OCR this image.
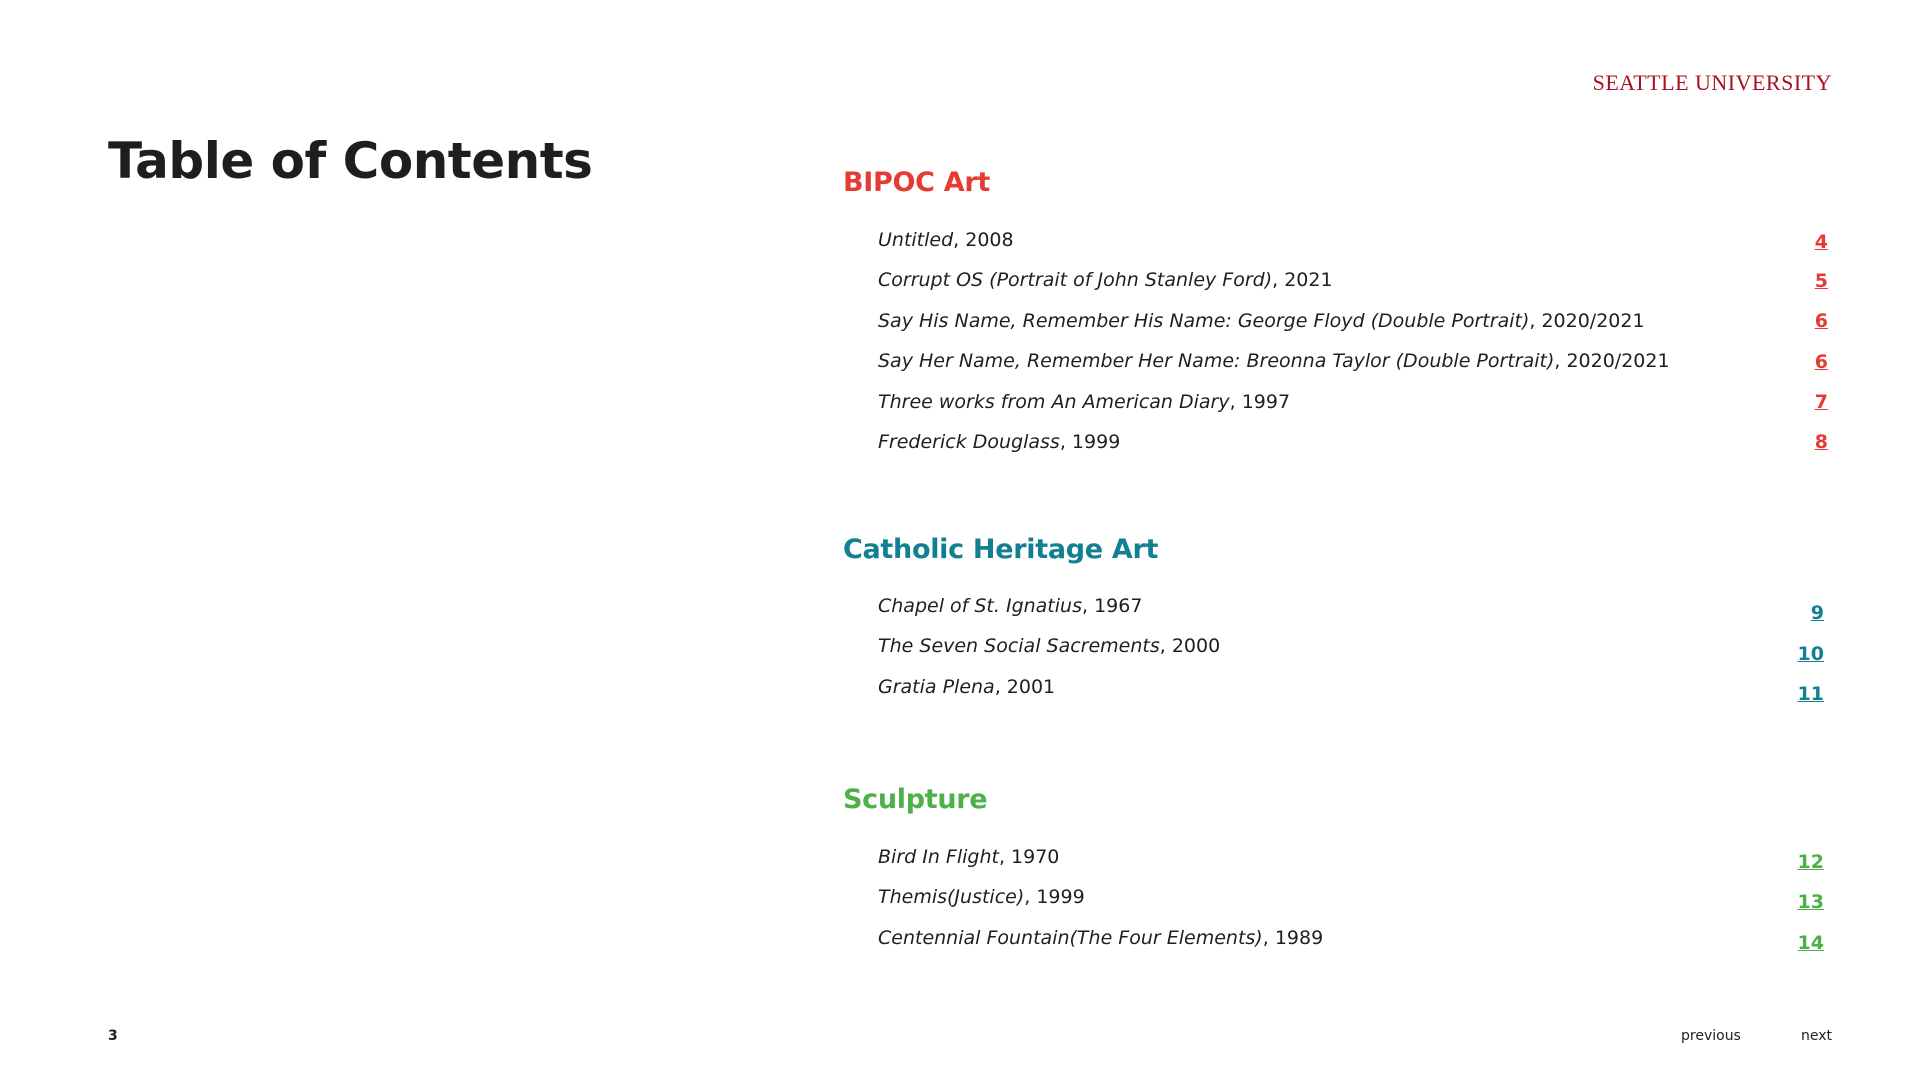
SEATTLE UNIVERSITY
Table of Contents	BIPOC Art
Untitled, 2008	4
Corrupt OS (Portrait of John Stanley Ford), 2021	5
Say His Name, Remember His Name: George Floyd (Double Portrait), 2020/2021	6
Say Her Name, Remember Her Name: Breonna Taylor (Double Portrait), 2020/2021	6
Three works from An American Diary, 1997	7
Frederick Douglass, 1999	8
Catholic Heritage Art
Chapel of St. Ignatius, 1967	9
The Seven Social Sacrements, 2000	10
Gratia Plena, 2001	11
Sculpture
Bird In Flight, 1970	12
Themis(Justice), 1999	13
Centennial Fountain(The Four Elements), 1989	14
3	previous	next
